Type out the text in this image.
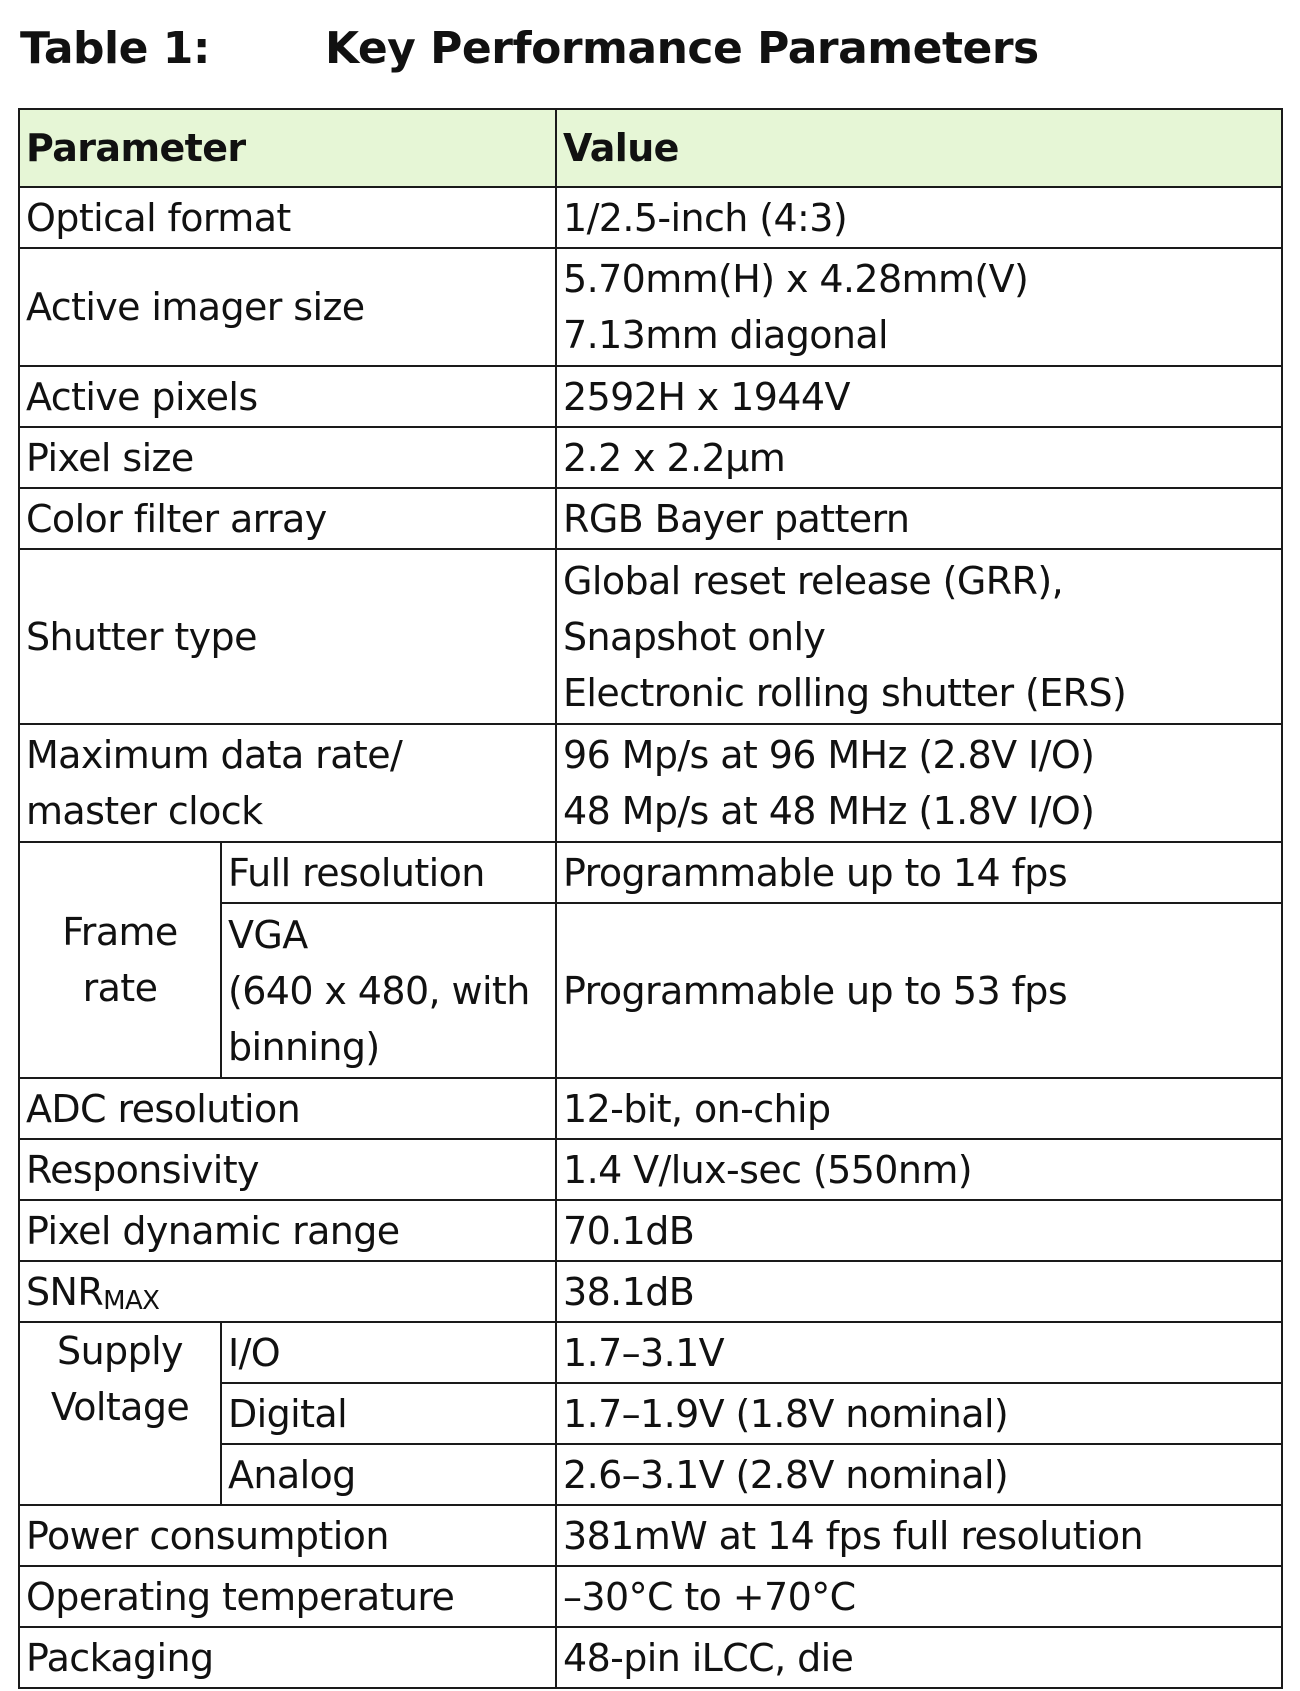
Table 1:	Key Performance Parameters
Parameter		Value
Optical format		1/2.5-inch (4:3)
Active imager size		5.70mm(H) x 4.28mm(V)
7.13mm diagonal

Active pixels		2592H x 1944V
Pixel size		2.2 x 2.2µm
Color filter array		RGB Bayer pattern
Shutter type		Global reset release (GRR),
Snapshot only
Electronic rolling shutter (ERS)

Maximum data rate/
master clock		96 Mp/s at 96 MHz (2.8V I/O)
48 Mp/s at 48 MHz (1.8V I/O)

Frame
rate	Full resolution	Programmable up to 14 fps

	VGA
(640 x 480, with
binning)	Programmable up to 53 fps
ADC resolution		12-bit, on-chip
Responsivity		1.4 V/lux-sec (550nm)
Pixel dynamic range		70.1dB
$SNR_{MAX}$		38.1dB

Supply
Voltage	I/O	1.7–3.1V
	Digital	1.7–1.9V (1.8V nominal)
	Analog	2.6–3.1V (2.8V nominal)
Power consumption		381mW at 14 fps full resolution
Operating temperature		–30°C to +70°C
Packaging		48-pin iLCC, die
